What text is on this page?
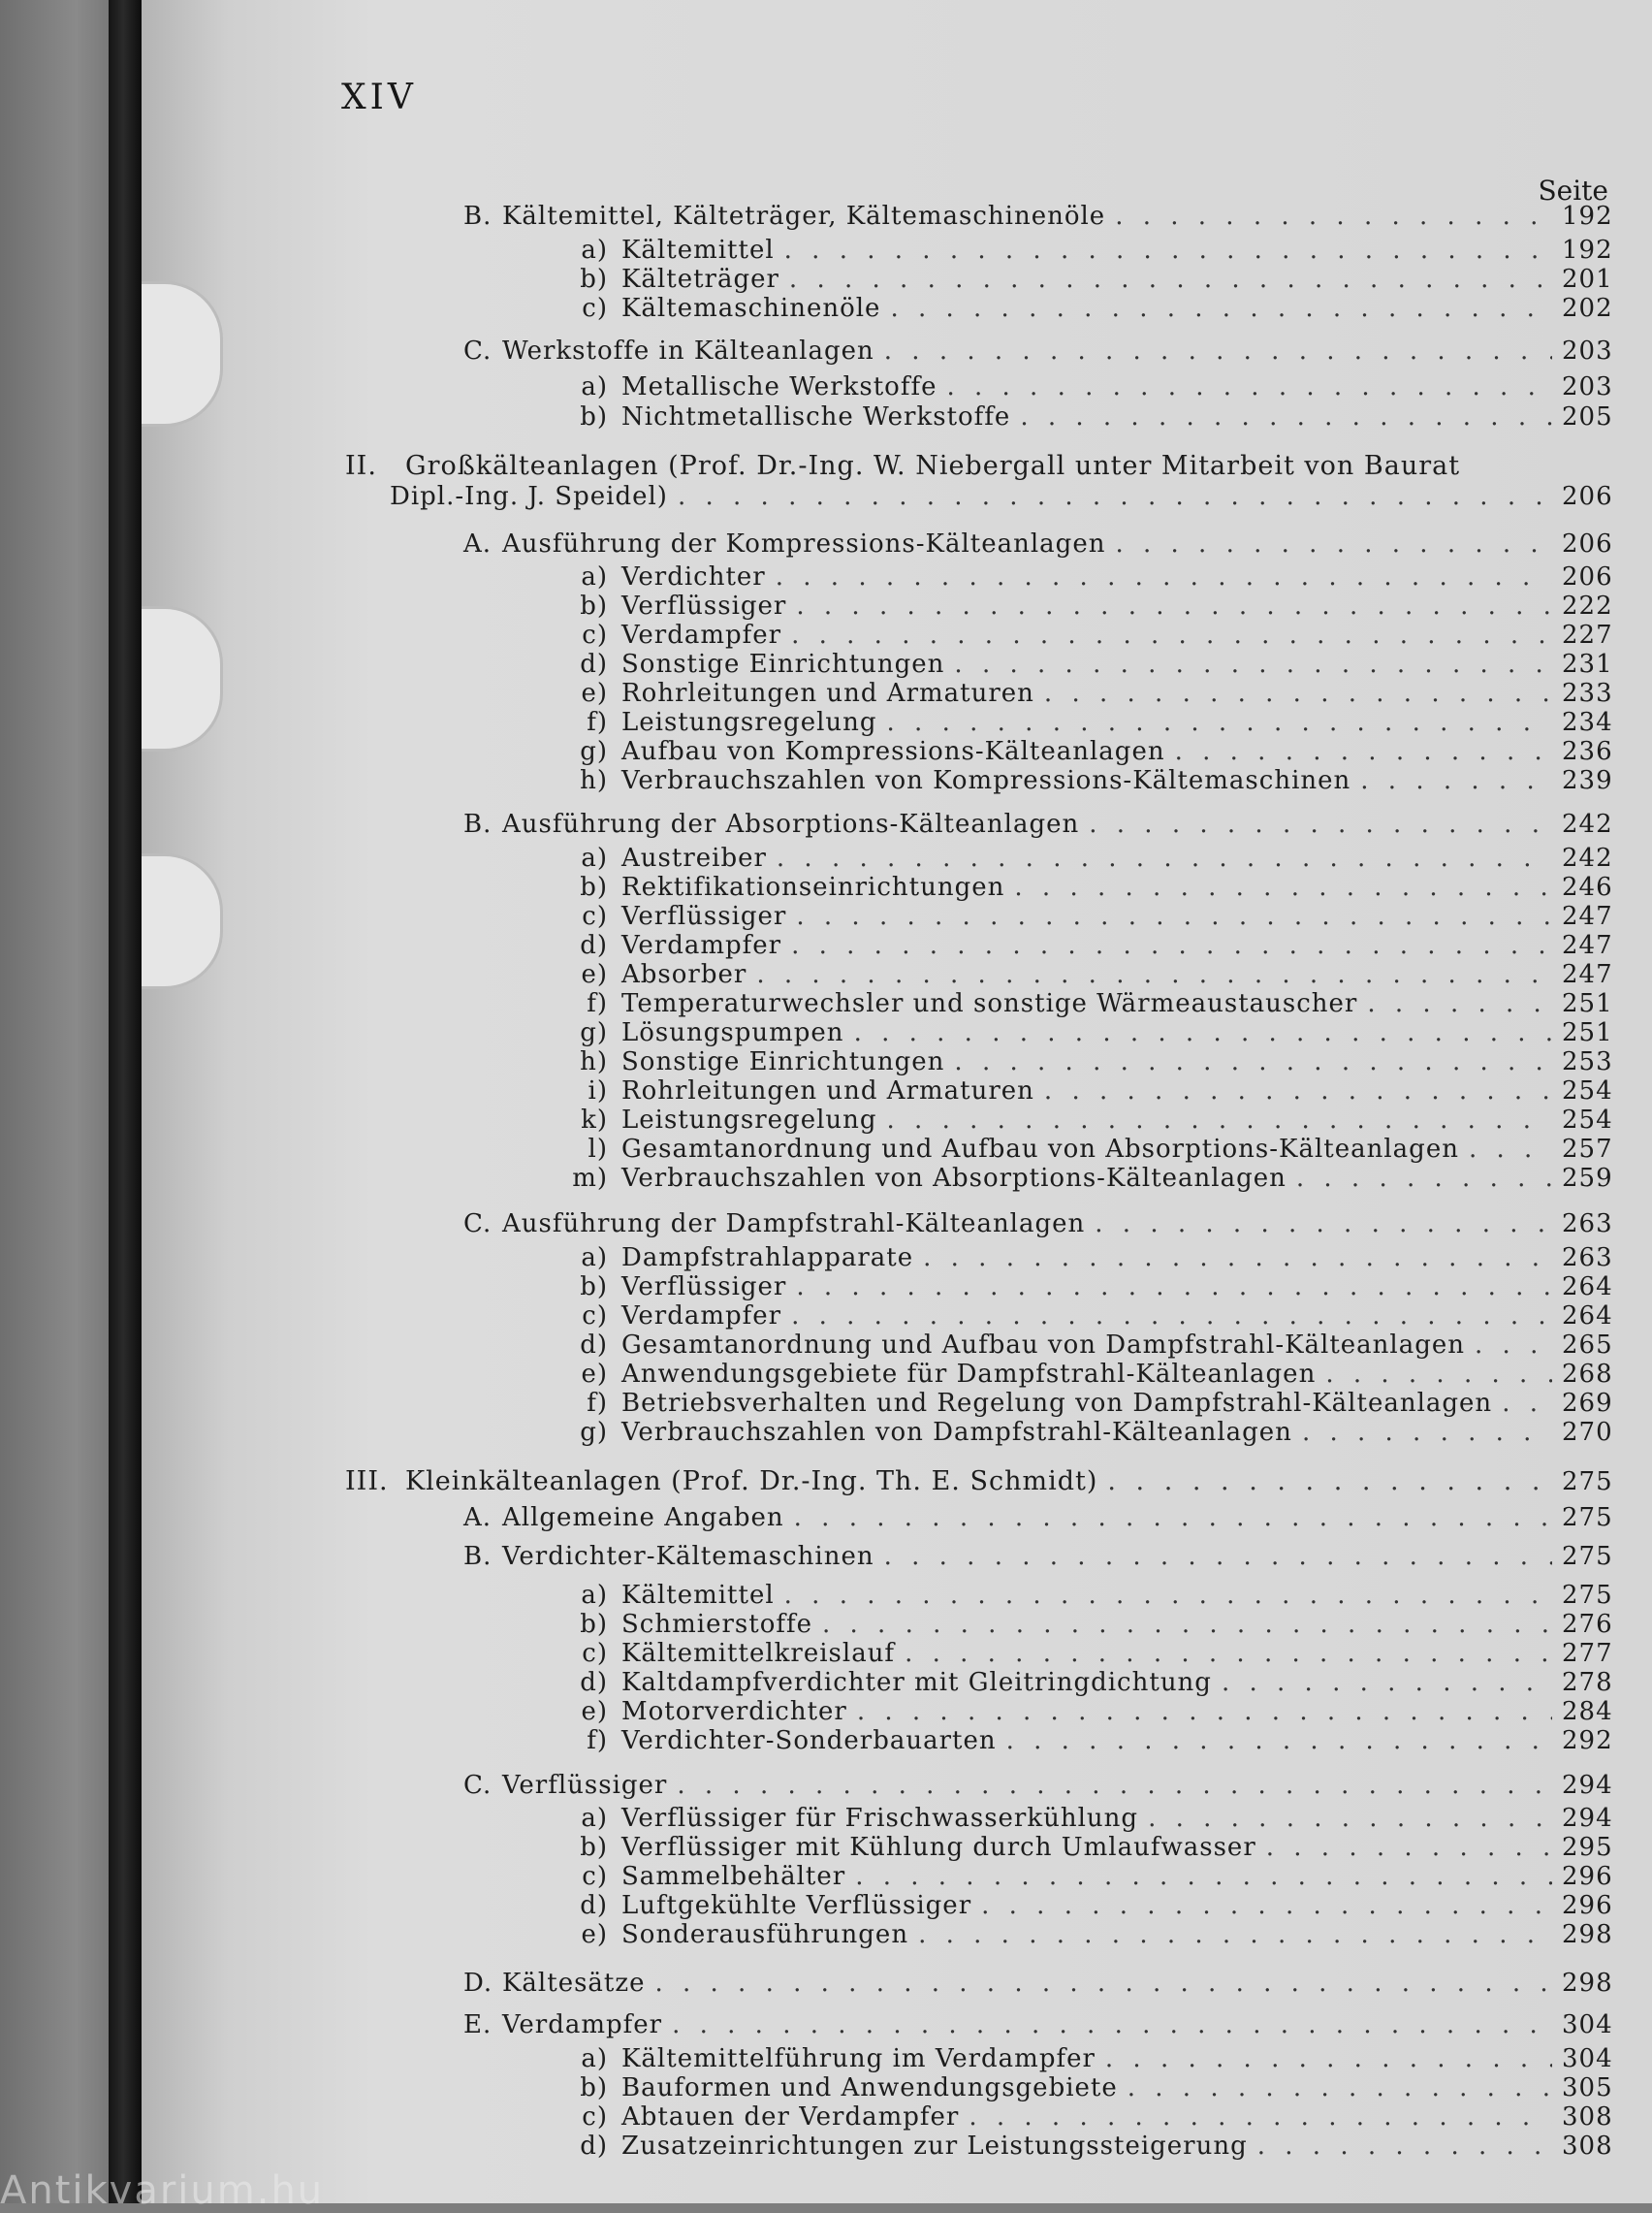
XIV
Seite
B. Kältemittel, Kälteträger, Kältemaschinenöle . . .	192
a) Kältemittel . . .	192
b) Kälteträger . . .	201
c) Kältemaschinenöle . . .	202
C. Werkstoffe in Kälteanlagen . . .	203
a) Metallische Werkstoffe . . .	203
b) Nichtmetallische Werkstoffe . . .	205
II.	Großkälteanlagen (Prof. Dr.-Ing. W. Niebergall unter Mitarbeit von Baurat
Dipl.-Ing. J. Speidel) . . .	206
A. Ausführung der Kompressions-Kälteanlagen . . .	206
a) Verdichter . . .	206
b) Verflüssiger . . .	222
c) Verdampfer . . .	227
d) Sonstige Einrichtungen . . .	231
e) Rohrleitungen und Armaturen . . .	233
f) Leistungsregelung . . .	234
g) Aufbau von Kompressions-Kälteanlagen . . .	236
h) Verbrauchszahlen von Kompressions-Kältemaschinen . . .	239
B. Ausführung der Absorptions-Kälteanlagen . . .	242
a) Austreiber . . .	242
b) Rektifikationseinrichtungen . . .	246
c) Verflüssiger . . .	247
d) Verdampfer . . .	247
e) Absorber . . .	247
f) Temperaturwechsler und sonstige Wärmeaustauscher . . .	251
g) Lösungspumpen . . .	251
h) Sonstige Einrichtungen . . .	253
i) Rohrleitungen und Armaturen . . .	254
k) Leistungsregelung . . .	254
l) Gesamtanordnung und Aufbau von Absorptions-Kälteanlagen . . .	257
m) Verbrauchszahlen von Absorptions-Kälteanlagen . . .	259
C. Ausführung der Dampfstrahl-Kälteanlagen . . .	263
a) Dampfstrahlapparate . . .	263
b) Verflüssiger . . .	264
c) Verdampfer . . .	264
d) Gesamtanordnung und Aufbau von Dampfstrahl-Kälteanlagen . . .	265
e) Anwendungsgebiete für Dampfstrahl-Kälteanlagen . . .	268
f) Betriebsverhalten und Regelung von Dampfstrahl-Kälteanlagen . . .	269
g) Verbrauchszahlen von Dampfstrahl-Kälteanlagen . . .	270
III. Kleinkälteanlagen (Prof. Dr.-Ing. Th. E. Schmidt) . . .	275
A. Allgemeine Angaben . . .	275
B. Verdichter-Kältemaschinen . . .	275
a) Kältemittel . . .	275
b) Schmierstoffe . . .	276
c) Kältemittelkreislauf . . .	277
d) Kaltdampfverdichter mit Gleitringdichtung . . .	278
e) Motorverdichter . . .	284
f) Verdichter-Sonderbauarten . . .	292
C. Verflüssiger . . .	294
a) Verflüssiger für Frischwasserkühlung . . .	294
b) Verflüssiger mit Kühlung durch Umlaufwasser . . .	295
c) Sammelbehälter . . .	296
d) Luftgekühlte Verflüssiger . . .	296
e) Sonderausführungen . . .	298
D. Kältesätze . . .	298
E. Verdampfer . . .	304
a) Kältemittelführung im Verdampfer . . .	304
b) Bauformen und Anwendungsgebiete . . .	305
c) Abtauen der Verdampfer . . .	308
d) Zusatzeinrichtungen zur Leistungssteigerung . . .	308
Antikvarium.hu
